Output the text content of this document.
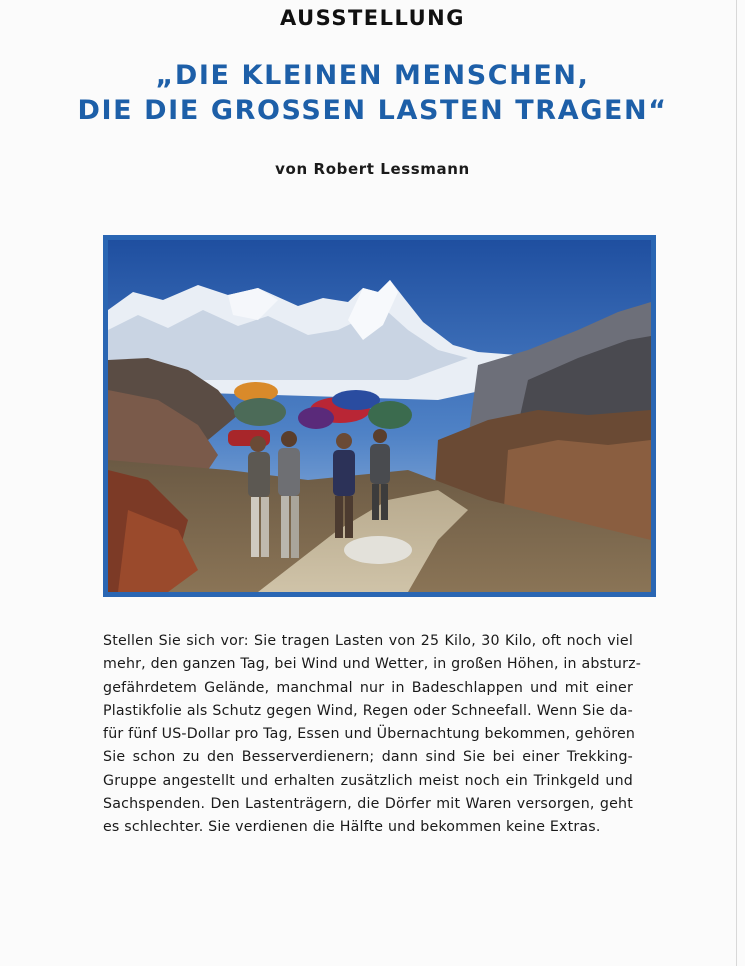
AUSSTELLUNG
„DIE KLEINEN MENSCHEN,
DIE DIE GROSSEN LASTEN TRAGEN“
von Robert Lessmann
Stellen Sie sich vor: Sie tragen Lasten von 25 Kilo, 30 Kilo, oft noch viel
mehr, den ganzen Tag, bei Wind und Wetter, in großen Höhen, in absturz-
gefährdetem Gelände, manchmal nur in Badeschlappen und mit einer
Plastikfolie als Schutz gegen Wind, Regen oder Schneefall. Wenn Sie da-
für fünf US-Dollar pro Tag, Essen und Übernachtung bekommen, gehören
Sie schon zu den Besserverdienern; dann sind Sie bei einer Trekking-
Gruppe angestellt und erhalten zusätzlich meist noch ein Trinkgeld und
Sachspenden. Den Lastenträgern, die Dörfer mit Waren versorgen, geht
es schlechter. Sie verdienen die Hälfte und bekommen keine Extras.
